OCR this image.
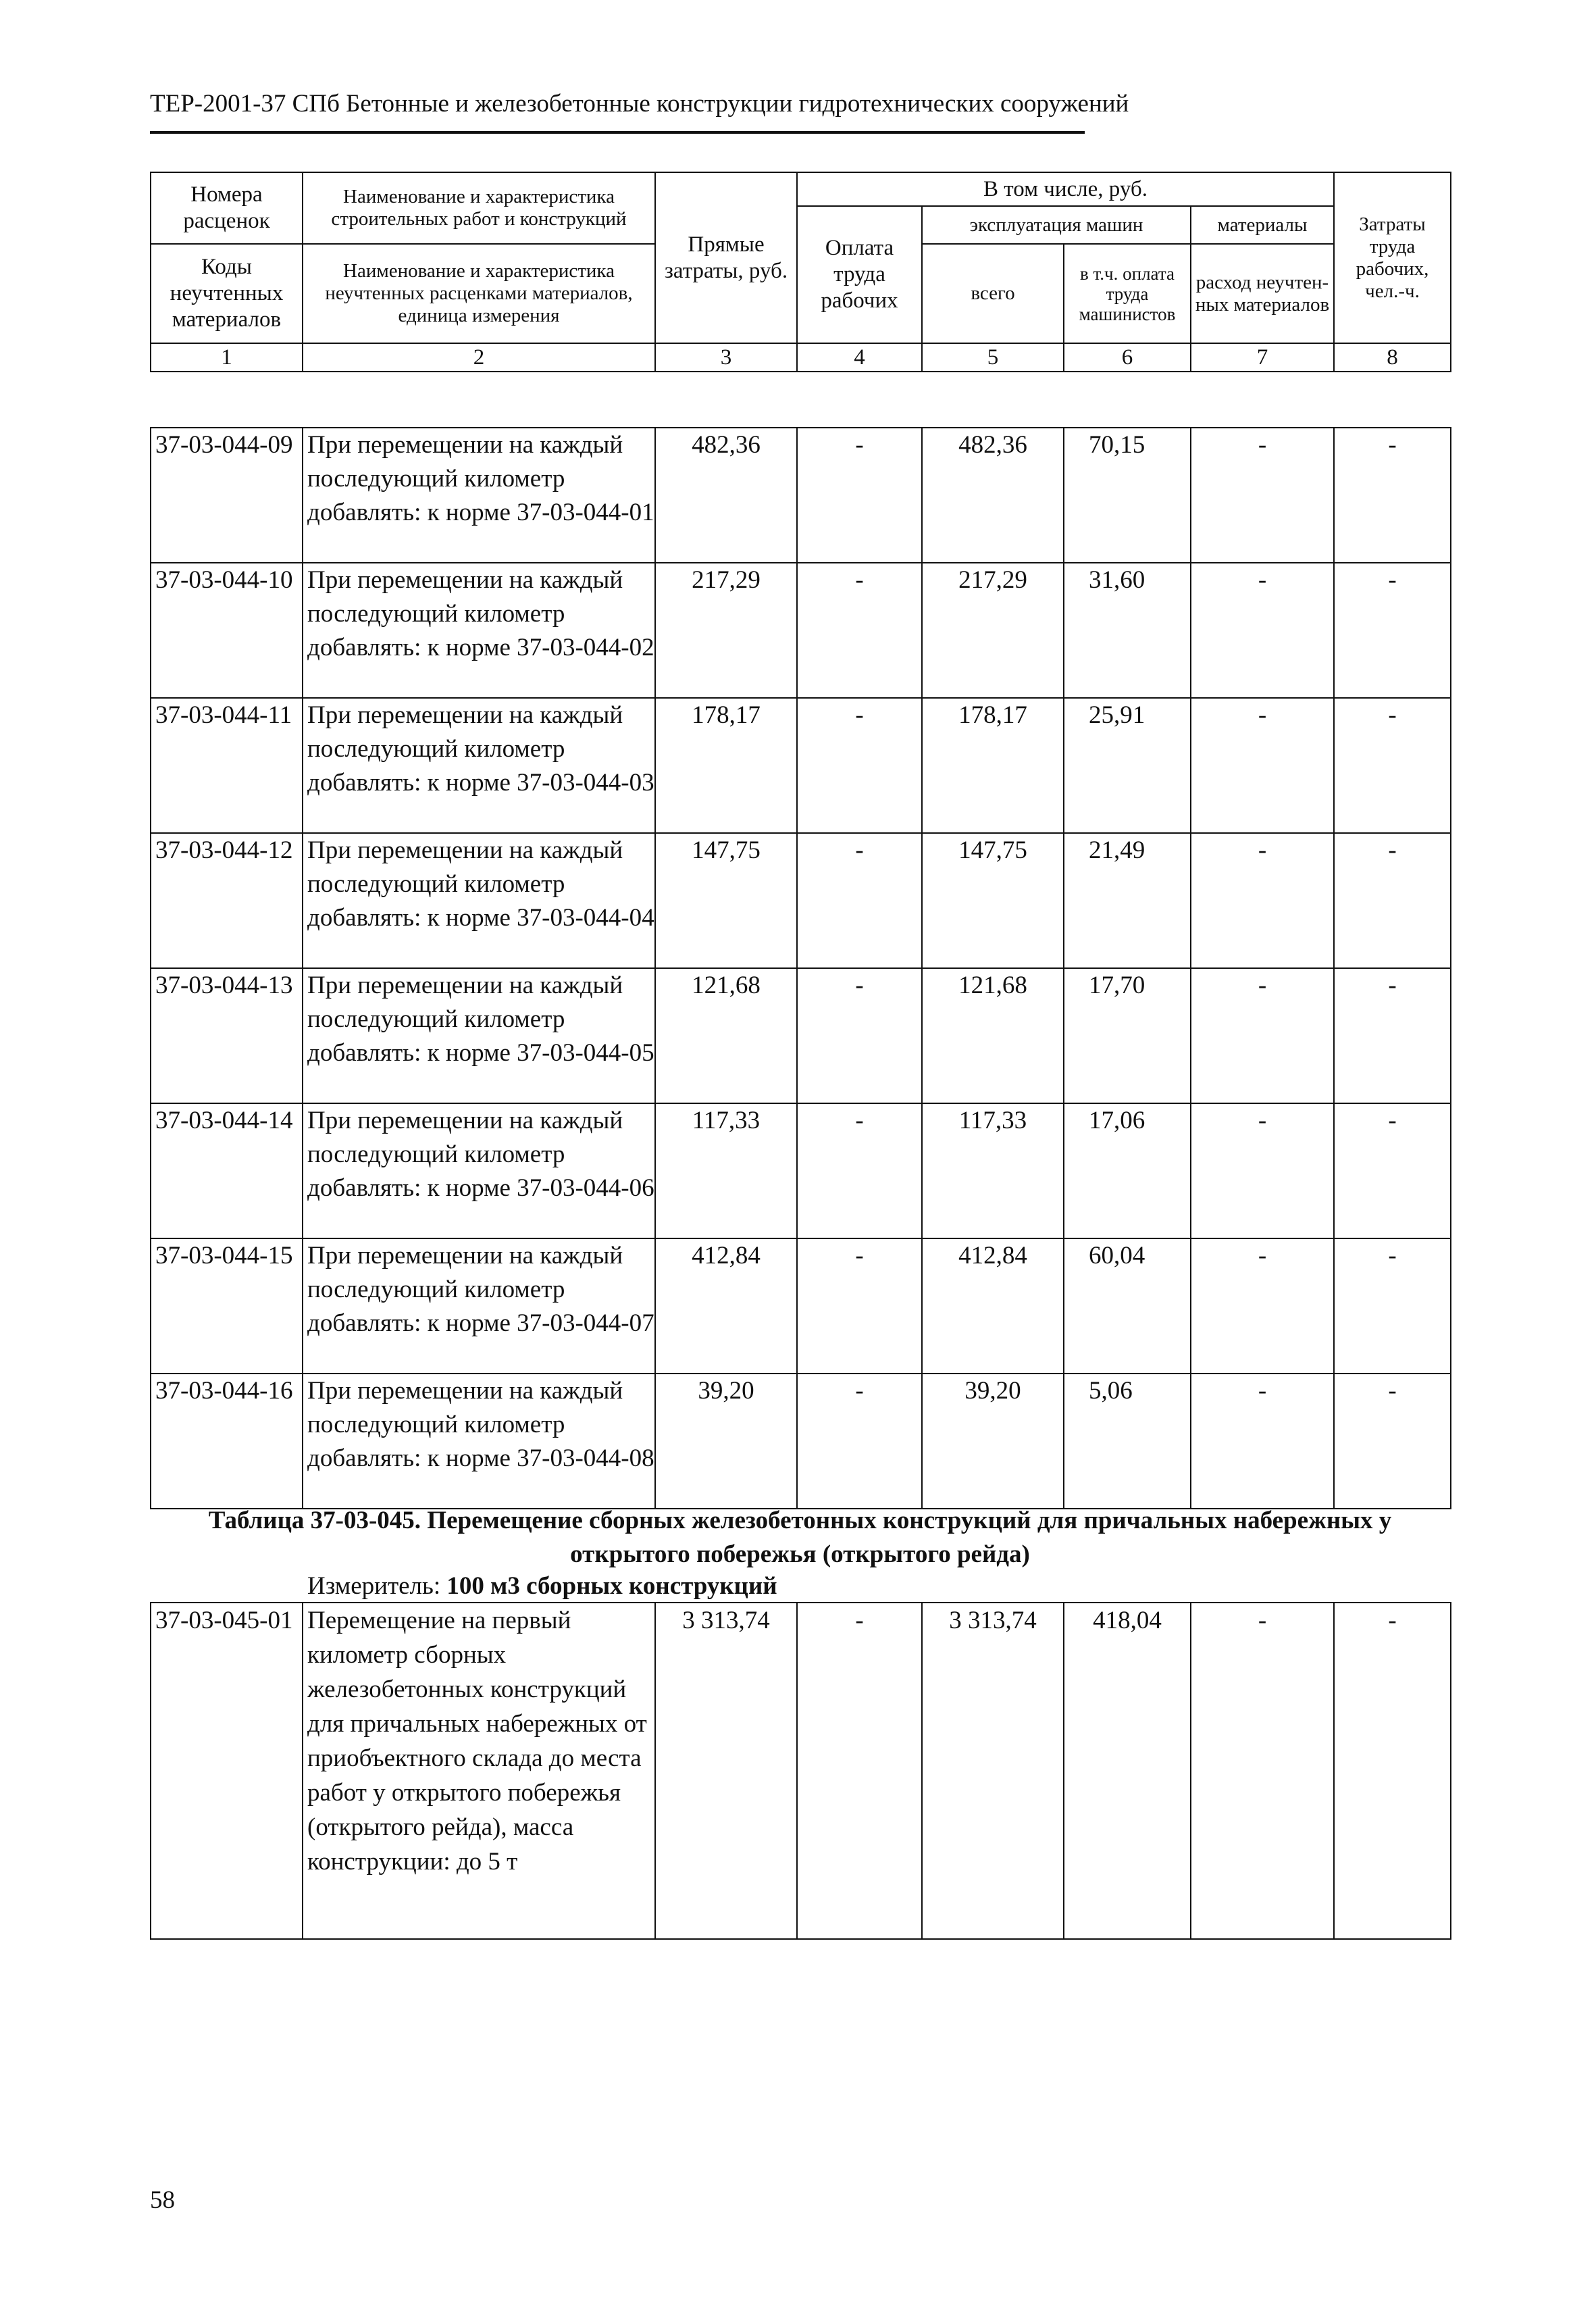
ТЕР-2001-37 СПб Бетонные и железобетонные конструкции гидротехнических сооружений
Номера расценок	Наименование и характеристика строительных работ и конструкций	Прямые затраты, руб.	В том числе, руб.				Затраты труда рабочих, чел.-ч.
			Оплата труда рабочих	эксплуатация машин		материалы	
Коды неучтенных материалов	Наименование и характеристика неучтенных расценками материалов, единица измерения			всего	в т.ч. оплата труда машинистов	расход неучтен-ных материалов	

1	2	3	4	5	6	7	8
37-03-044-09	При перемещении на каждый последующий километр добавлять: к норме 37-03-044-01	482,36	-	482,36	70,15	-	-
37-03-044-10	При перемещении на каждый последующий километр добавлять: к норме 37-03-044-02	217,29	-	217,29	31,60	-	-
37-03-044-11	При перемещении на каждый последующий километр добавлять: к норме 37-03-044-03	178,17	-	178,17	25,91	-	-
37-03-044-12	При перемещении на каждый последующий километр добавлять: к норме 37-03-044-04	147,75	-	147,75	21,49	-	-
37-03-044-13	При перемещении на каждый последующий километр добавлять: к норме 37-03-044-05	121,68	-	121,68	17,70	-	-
37-03-044-14	При перемещении на каждый последующий километр добавлять: к норме 37-03-044-06	117,33	-	117,33	17,06	-	-
37-03-044-15	При перемещении на каждый последующий километр добавлять: к норме 37-03-044-07	412,84	-	412,84	60,04	-	-
37-03-044-16	При перемещении на каждый последующий километр добавлять: к норме 37-03-044-08	39,20	-	39,20	5,06	-	-
Таблица 37-03-045. Перемещение сборных железобетонных конструкций для причальных набережных у открытого побережья (открытого рейда)
Измеритель: 100 м3 сборных конструкций
37-03-045-01	Перемещение на первый километр сборных железобетонных конструкций для причальных набережных от приобъектного склада до места работ у открытого побережья (открытого рейда), масса конструкции: до 5 т	3 313,74	-	3 313,74	418,04	-	-
58
